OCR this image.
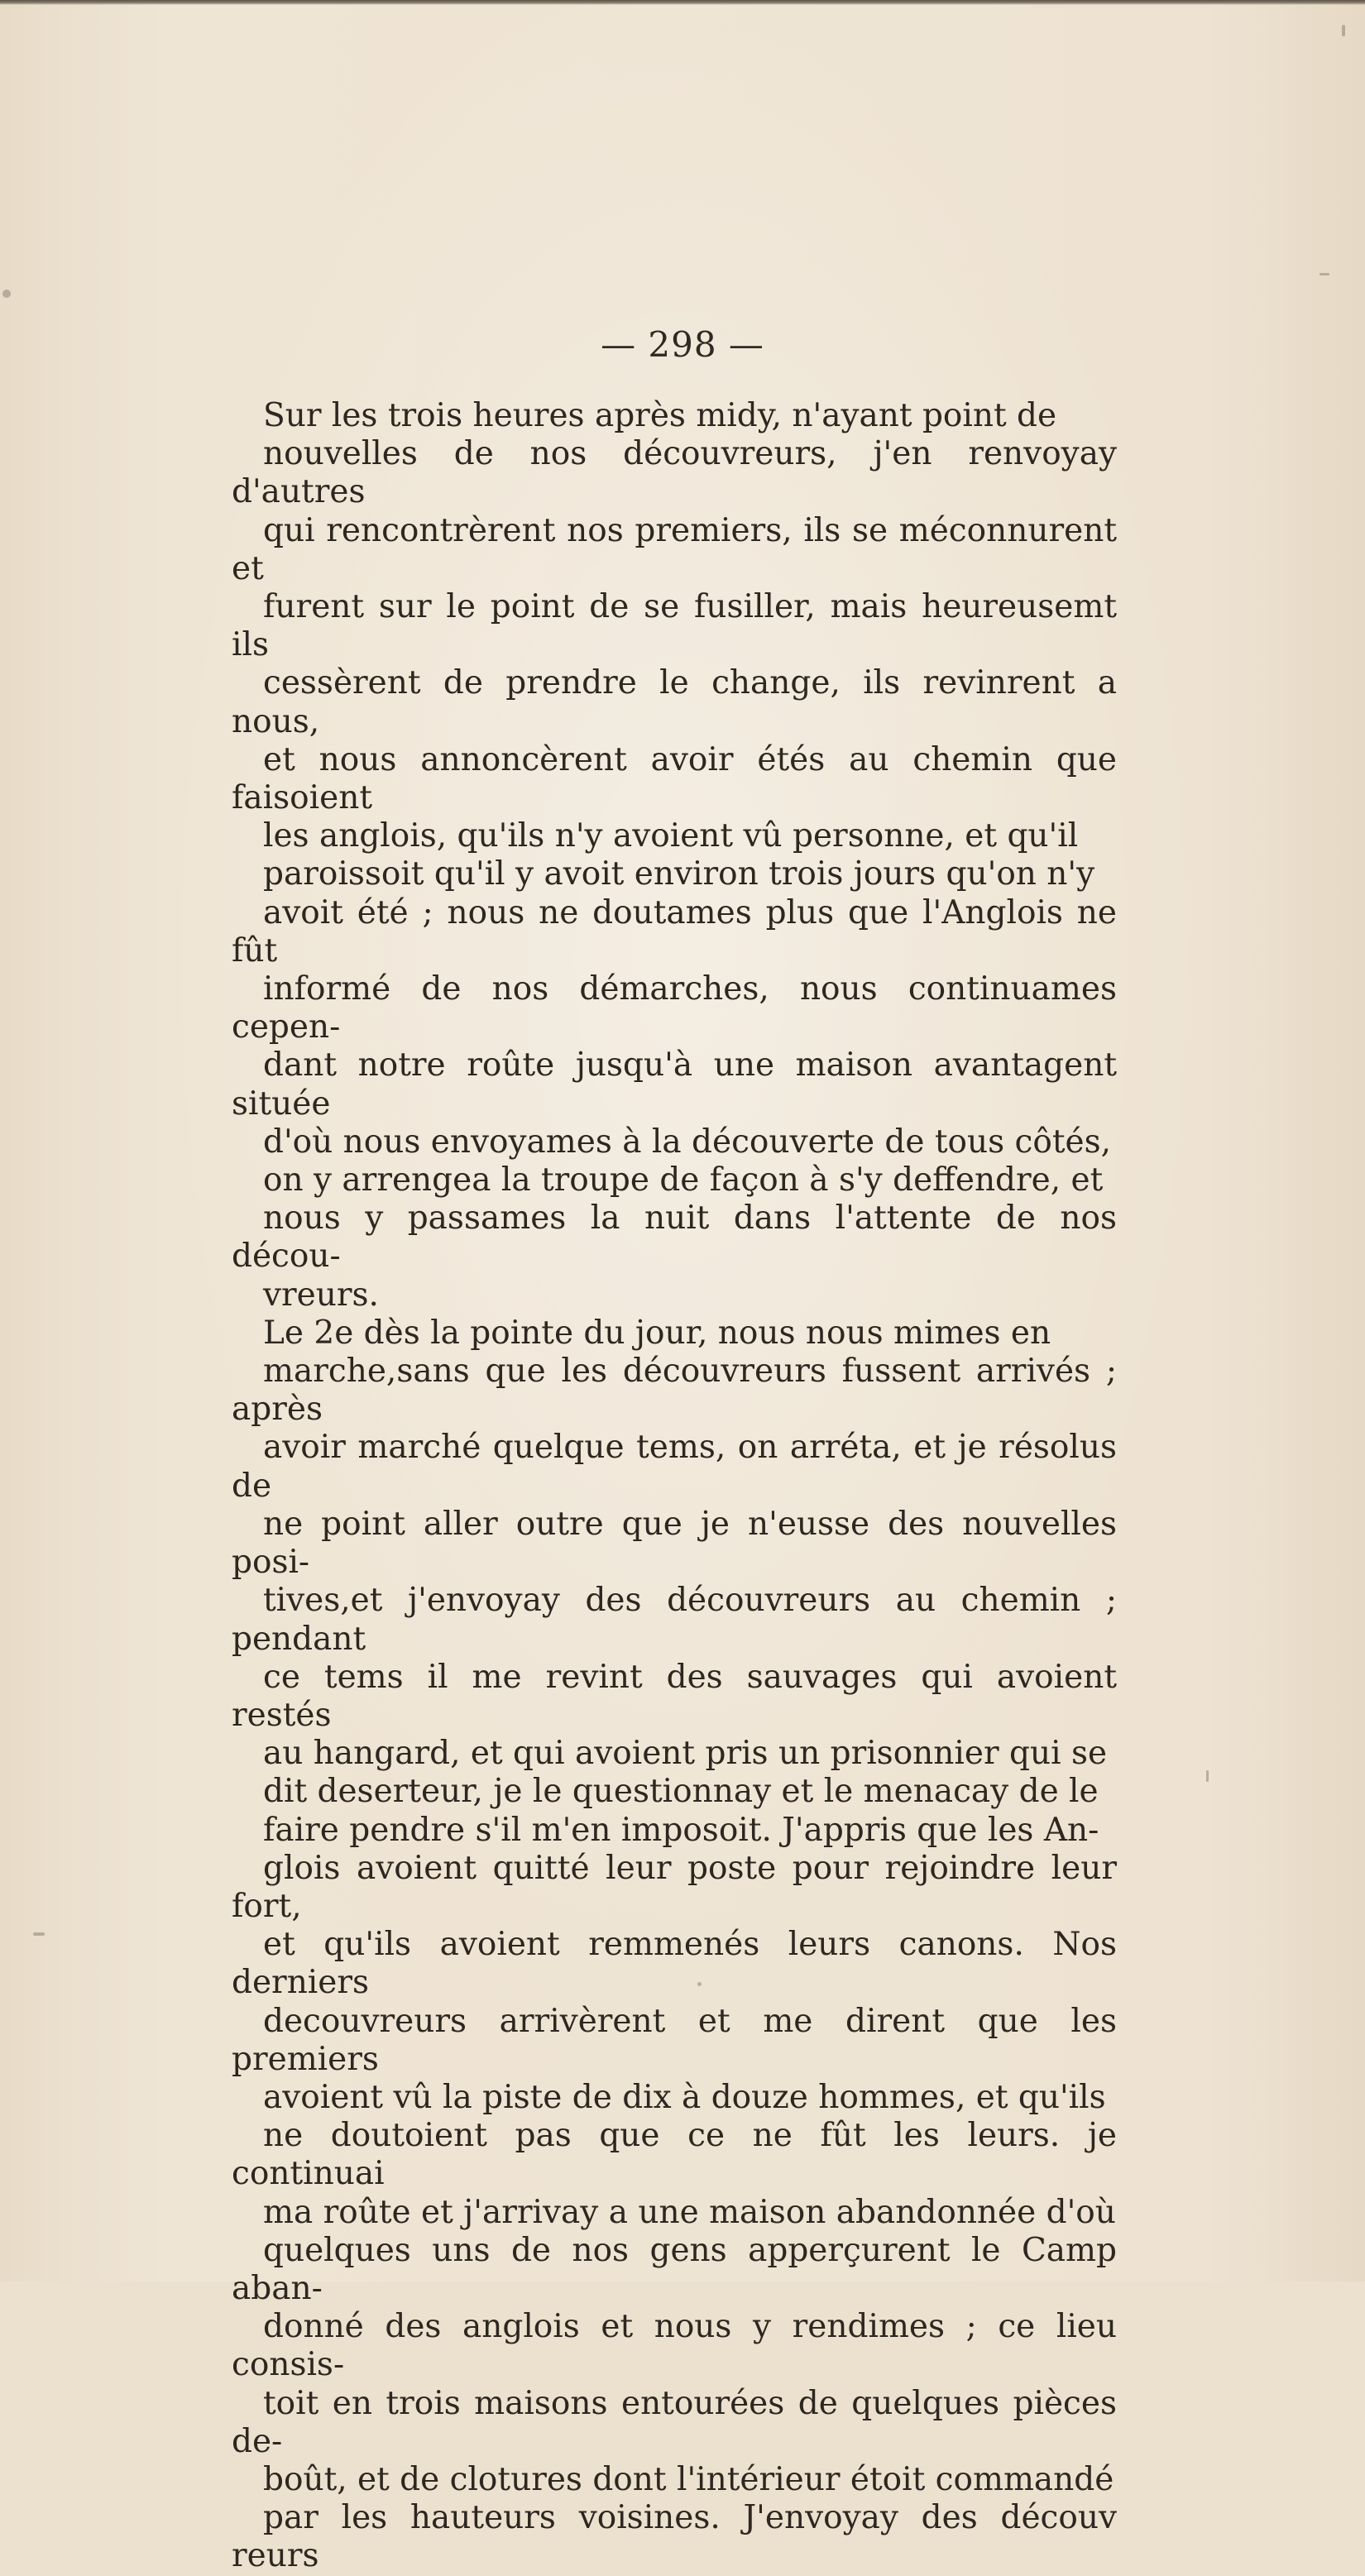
— 298 —

Sur les trois heures après midy, n'ayant point de
nouvelles de nos découvreurs, j'en renvoyay d'autres
qui rencontrèrent nos premiers, ils se méconnurent et
furent sur le point de se fusiller, mais heureusemt ils
cessèrent de prendre le change, ils revinrent a nous,
et nous annoncèrent avoir étés au chemin que faisoient
les anglois, qu'ils n'y avoient vû personne, et qu'il
paroissoit qu'il y avoit environ trois jours qu'on n'y
avoit été ; nous ne doutames plus que l'Anglois ne fût
informé de nos démarches, nous continuames cepen-
dant notre roûte jusqu'à une maison avantagent située
d'où nous envoyames à la découverte de tous côtés,
on y arrengea la troupe de façon à s'y deffendre, et
nous y passames la nuit dans l'attente de nos décou-
vreurs.

Le 2e dès la pointe du jour, nous nous mimes en
marche,sans que les découvreurs fussent arrivés ; après
avoir marché quelque tems, on arréta, et je résolus de
ne point aller outre que je n'eusse des nouvelles posi-
tives,et j'envoyay des découvreurs au chemin ; pendant
ce tems il me revint des sauvages qui avoient restés
au hangard, et qui avoient pris un prisonnier qui se
dit deserteur, je le questionnay et le menacay de le
faire pendre s'il m'en imposoit. J'appris que les An-
glois avoient quitté leur poste pour rejoindre leur fort,
et qu'ils avoient remmenés leurs canons. Nos derniers
decouvreurs arrivèrent et me dirent que les premiers
avoient vû la piste de dix à douze hommes, et qu'ils
ne doutoient pas que ce ne fût les leurs. je continuai
ma roûte et j'arrivay a une maison abandonnée d'où
quelques uns de nos gens apperçurent le Camp aban-
donné des anglois et nous y rendimes ; ce lieu consis-
toit en trois maisons entourées de quelques pièces de-
boût, et de clotures dont l'intérieur étoit commandé
par les hauteurs voisines. J'envoyay des découv reurs
